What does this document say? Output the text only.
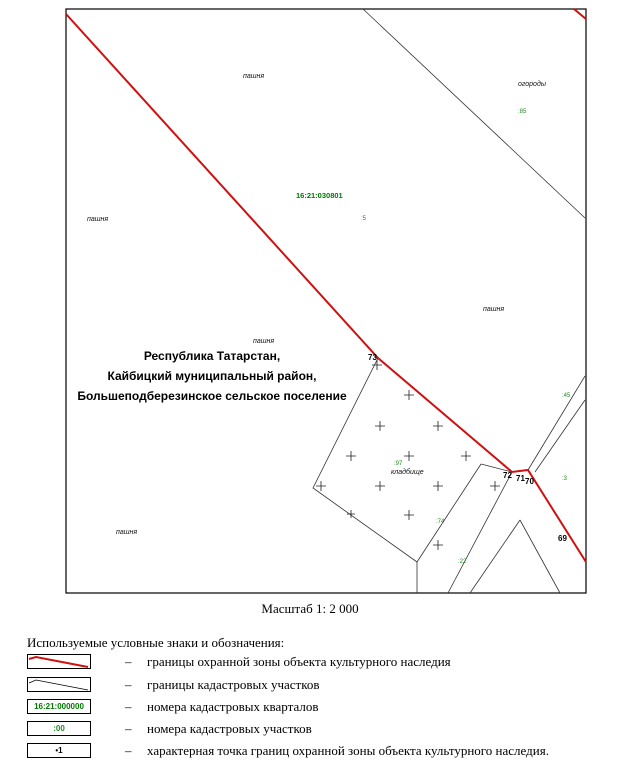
пашня
пашня
пашня
пашня
пашня
огороды
кладбище
16:21:030801
:85
:5
:45
:3
:97
:74
:22
73
72 71 70
69
Республика Татарстан,
Кайбицкий муниципальный район,
Большеподберезинское сельское поселение
Масштаб 1: 2 000
Используемые условные знаки и обозначения:
– границы охранной зоны объекта культурного наследия
– границы кадастровых участков
16:21:000000	– номера кадастровых кварталов
:00	– номера кадастровых участков
•1	– характерная точка границ охранной зоны объекта культурного наследия.
